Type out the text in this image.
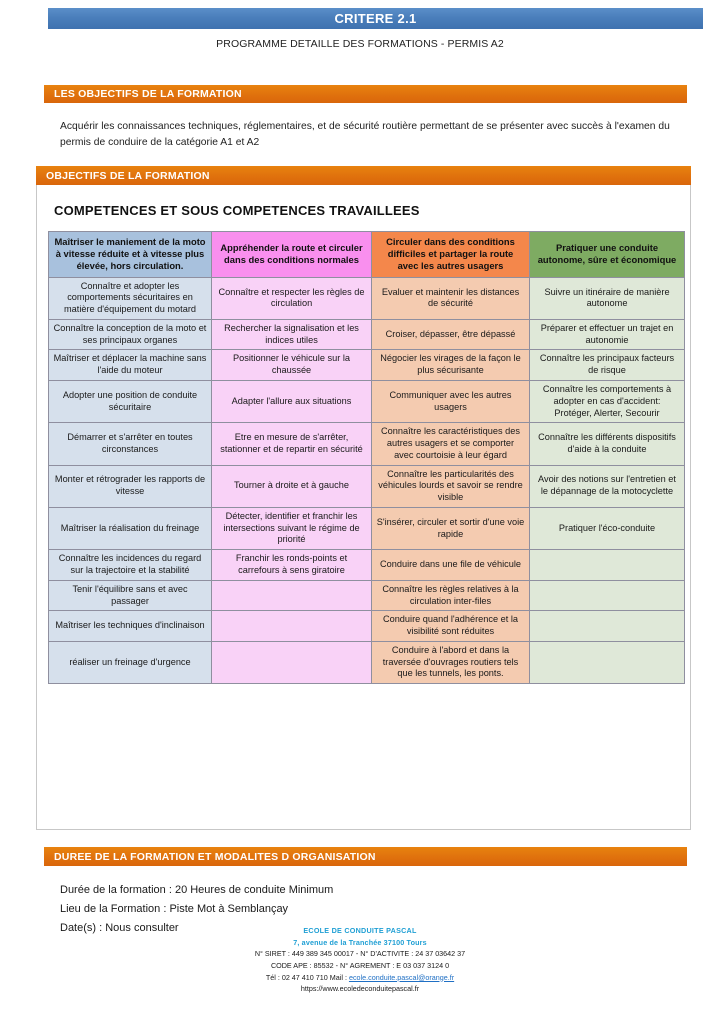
CRITERE 2.1
PROGRAMME DETAILLE DES FORMATIONS - PERMIS A2
LES OBJECTIFS DE LA FORMATION
Acquérir les connaissances techniques, réglementaires, et de sécurité routière permettant de se présenter avec succès à l'examen du permis de conduire de la catégorie A1 et A2
OBJECTIFS DE LA FORMATION
COMPETENCES ET SOUS COMPETENCES TRAVAILLEES
Maîtriser le maniement de la moto à vitesse réduite et à vitesse plus élevée, hors circulation.	Appréhender la route et circuler dans des conditions normales	Circuler dans des conditions difficiles et partager la route avec les autres usagers	Pratiquer une conduite autonome, sûre et économique
Connaître et adopter les comportements sécuritaires en matière d'équipement du motard	Connaître et respecter les règles de circulation	Evaluer et maintenir les distances de sécurité	Suivre un itinéraire de manière autonome
Connaître la conception de la moto et ses principaux organes	Rechercher la signalisation et les indices utiles	Croiser, dépasser, être dépassé	Préparer et effectuer un trajet en autonomie
Maîtriser et déplacer la machine sans l'aide du moteur	Positionner le véhicule sur la chaussée	Négocier les virages de la façon le plus sécurisante	Connaître les principaux facteurs de risque
Adopter une position de conduite sécuritaire	Adapter l'allure aux situations	Communiquer avec les autres usagers	Connaître les comportements à adopter en cas d'accident: Protéger, Alerter, Secourir
Démarrer et s'arrêter en toutes circonstances	Etre en mesure de s'arrêter, stationner et de repartir en sécurité	Connaître les caractéristiques des autres usagers et se comporter avec courtoisie à leur égard	Connaître les différents dispositifs d'aide à la conduite
Monter et rétrograder les rapports de vitesse	Tourner à droite et à gauche	Connaître les particularités des véhicules lourds et savoir se rendre visible	Avoir des notions sur l'entretien et le dépannage de la motocyclette
Maîtriser la réalisation du freinage	Détecter, identifier et franchir les intersections suivant le régime de priorité	S'insérer, circuler et sortir d'une voie rapide	Pratiquer l'éco-conduite
Connaître les incidences du regard sur la trajectoire et la stabilité	Franchir les ronds-points et carrefours à sens giratoire	Conduire dans une file de véhicule	
Tenir l'équilibre sans et avec passager		Connaître les règles relatives à la circulation inter-files	
Maîtriser les techniques d'inclinaison		Conduire quand l'adhérence et la visibilité sont réduites	
réaliser un freinage d'urgence		Conduire à l'abord et dans la traversée d'ouvrages routiers tels que les tunnels, les ponts.	
DUREE DE LA FORMATION ET MODALITES D ORGANISATION
Durée de la formation : 20 Heures de conduite Minimum
Lieu de la Formation : Piste Mot à Semblançay
Date(s) : Nous consulter	ECOLE DE CONDUITE PASCAL
7, avenue de la Tranchée 37100 Tours
N° SIRET : 449 389 345 00017 - N° D'ACTIVITE : 24 37 03642 37
CODE APE : 85532 - N° AGREMENT : E 03 037 3124 0
Tél : 02 47 410 710 Mail : ecole.conduite.pascal@orange.fr
https://www.ecoledeconduitepascal.fr
